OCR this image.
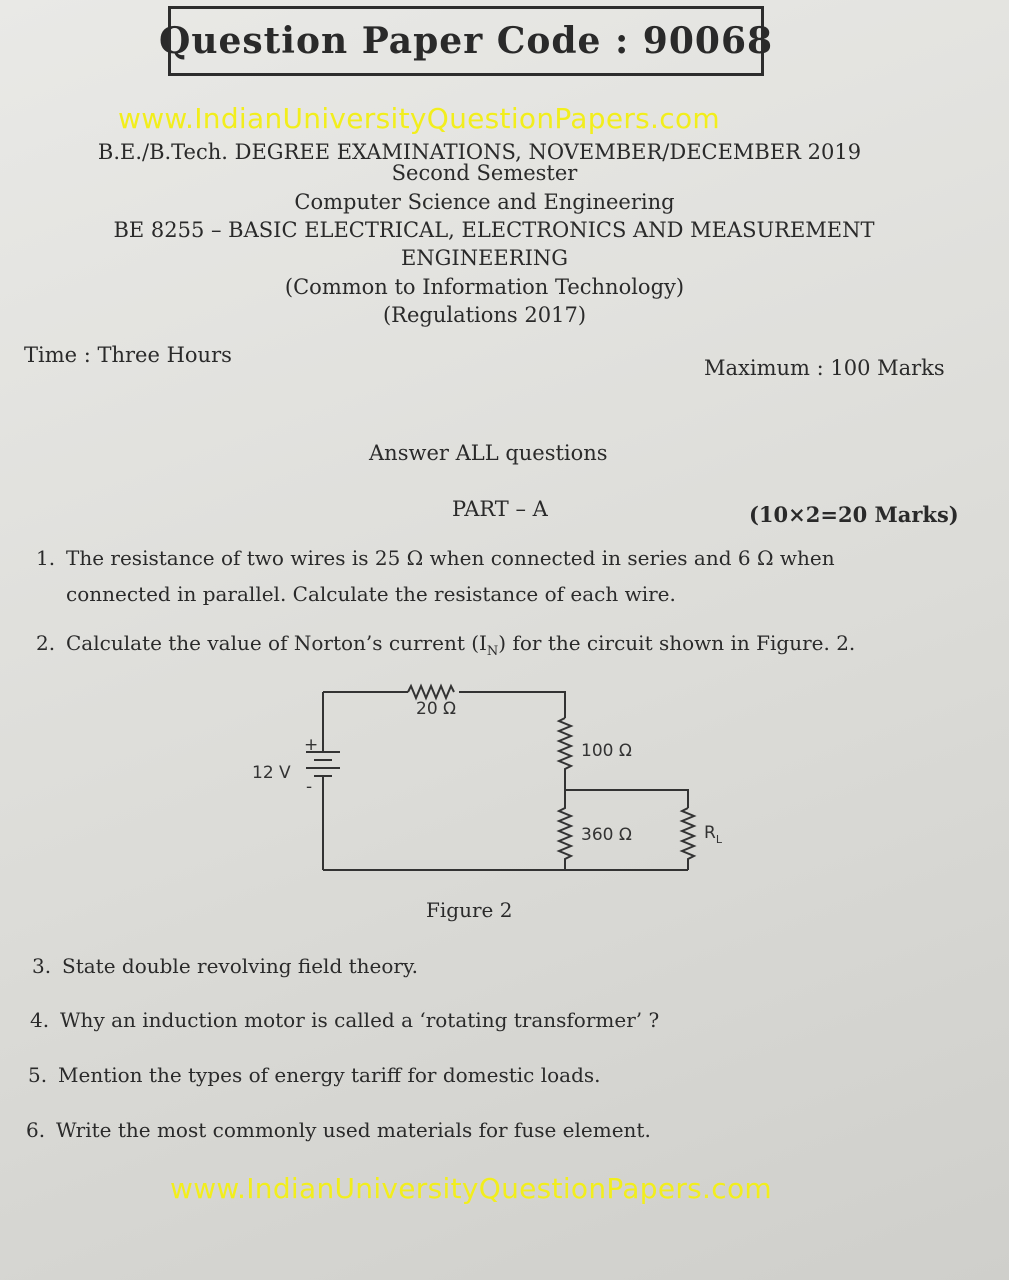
Question Paper Code : 90068
B.E./B.Tech. DEGREE EXAMINATIONS, NOVEMBER/DECEMBER 2019
www.IndianUniversityQuestionPapers.com
Second Semester
Computer Science and Engineering
BE 8255 – BASIC ELECTRICAL, ELECTRONICS AND MEASUREMENT
ENGINEERING
(Common to Information Technology)
(Regulations 2017)
Time : Three Hours
Maximum : 100 Marks
Answer ALL questions
PART – A	(10×2=20 Marks)
1. The resistance of two wires is 25 Ω when connected in series and 6 Ω when
connected in parallel. Calculate the resistance of each wire.
2. Calculate the value of Norton’s current $(I_N)$ for the circuit shown in Figure. 2.
20 Ω
100 Ω
360 Ω	$R_L$
12 V
+
-
Figure 2
3. State double revolving field theory.
4. Why an induction motor is called a ‘rotating transformer’ ?
5. Mention the types of energy tariff for domestic loads.
6. Write the most commonly used materials for fuse element.
www.IndianUniversityQuestionPapers.com
